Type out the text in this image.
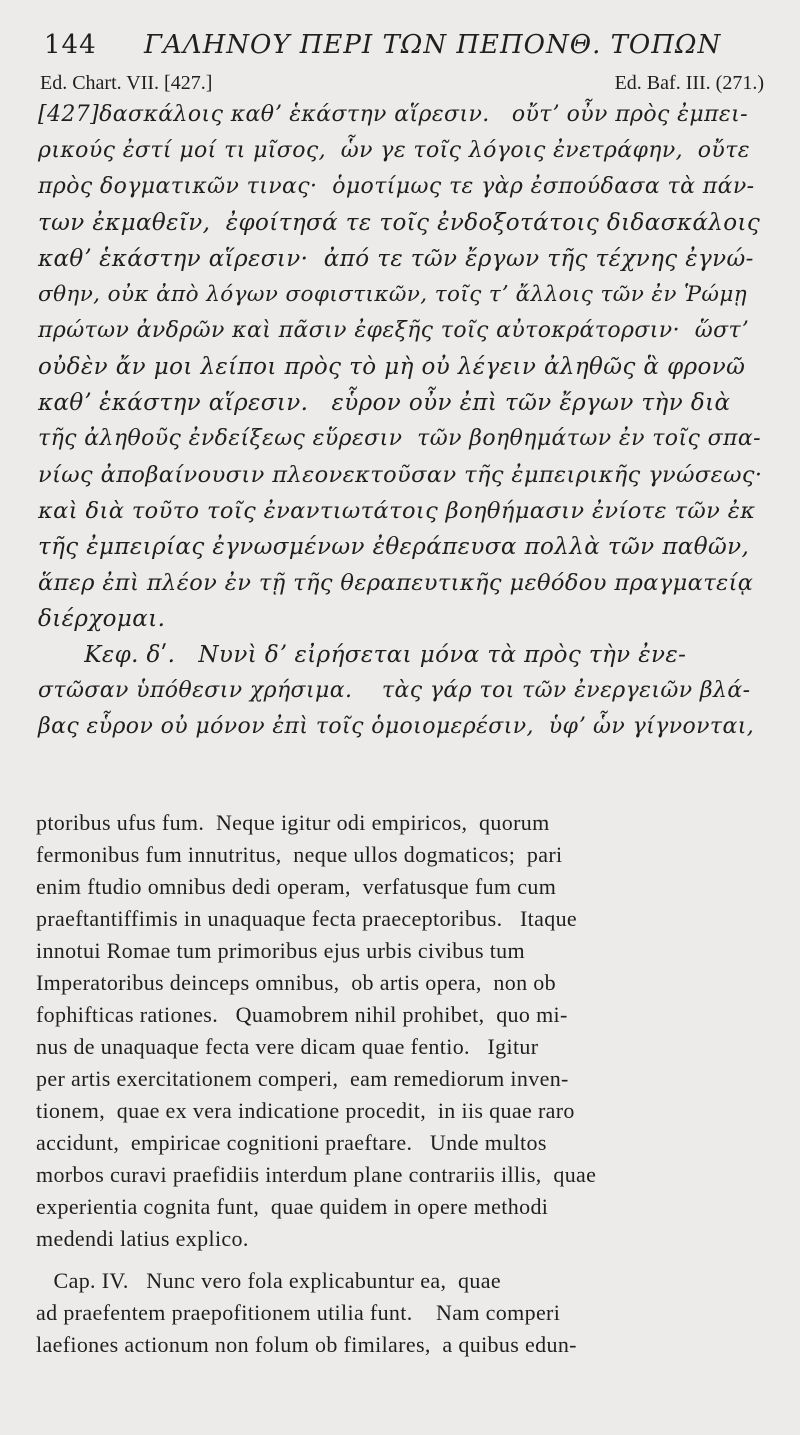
144 ΓΑΛΗΝΟΥ ΠΕΡΙ ΤΩΝ ΠΕΠΟΝΘ. ΤΟΠΩΝ
Ed. Chart. VII. [427.]	Ed. Baf. III. (271.)
[427]δασκάλοις καθʼ ἑκάστην αἵρεσιν.   οὔτʼ οὖν πρὸς ἐμπει-
ρικούς ἐστί μοί τι μῖσος,  ὧν γε τοῖς λόγοις ἐνετράφην,  οὔτε
πρὸς δογματικῶν τινας·  ὁμοτίμως τε γὰρ ἐσπούδασα τὰ πάν-
των ἐκμαθεῖν,  ἐφοίτησά τε τοῖς ἐνδοξοτάτοις διδασκάλοις
καθʼ ἑκάστην αἵρεσιν·  ἀπό τε τῶν ἔργων τῆς τέχνης ἐγνώ-
σθην, οὐκ ἀπὸ λόγων σοφιστικῶν, τοῖς τʼ ἄλλοις τῶν ἐν Ῥώμῃ
πρώτων ἀνδρῶν καὶ πᾶσιν ἐφεξῆς τοῖς αὐτοκράτορσιν·  ὥστʼ
οὐδὲν ἄν μοι λείποι πρὸς τὸ μὴ οὐ λέγειν ἀληθῶς ἃ φρονῶ
καθʼ ἑκάστην αἵρεσιν.   εὗρον οὖν ἐπὶ τῶν ἔργων τὴν διὰ
τῆς ἀληθοῦς ἐνδείξεως εὕρεσιν  τῶν βοηθημάτων ἐν τοῖς σπα-
νίως ἀποβαίνουσιν πλεονεκτοῦσαν τῆς ἐμπειρικῆς γνώσεως·
καὶ διὰ τοῦτο τοῖς ἐναντιωτάτοις βοηθήμασιν ἐνίοτε τῶν ἐκ
τῆς ἐμπειρίας ἐγνωσμένων ἐθεράπευσα πολλὰ τῶν παθῶν,
ἅπερ ἐπὶ πλέον ἐν τῇ τῆς θεραπευτικῆς μεθόδου πραγματείᾳ
διέρχομαι.
Κεφ. δʹ.   Νυνὶ δʼ εἰρήσεται μόνα τὰ πρὸς τὴν ἐνε-
στῶσαν ὑπόθεσιν χρήσιμα.    τὰς γάρ τοι τῶν ἐνεργειῶν βλά-
βας εὗρον οὐ μόνον ἐπὶ τοῖς ὁμοιομερέσιν,  ὑφʼ ὧν γίγνονται,
ptoribus ufus fum.  Neque igitur odi empiricos,  quorum
fermonibus fum innutritus,  neque ullos dogmaticos;  pari
enim ftudio omnibus dedi operam,  verfatusque fum cum
praeftantiffimis in unaquaque fecta praeceptoribus.   Itaque
innotui Romae tum primoribus ejus urbis civibus tum
Imperatoribus deinceps omnibus,  ob artis opera,  non ob
fophifticas rationes.   Quamobrem nihil prohibet,  quo mi-
nus de unaquaque fecta vere dicam quae fentio.   Igitur
per artis exercitationem comperi,  eam remediorum inven-
tionem,  quae ex vera indicatione procedit,  in iis quae raro
accidunt,  empiricae cognitioni praeftare.   Unde multos
morbos curavi praefidiis interdum plane contrariis illis,  quae
experientia cognita funt,  quae quidem in opere methodi
medendi latius explico.
Cap. IV.   Nunc vero fola explicabuntur ea,  quae
ad praefentem praepofitionem utilia funt.    Nam comperi
laefiones actionum non folum ob fimilares,  a quibus edun-
